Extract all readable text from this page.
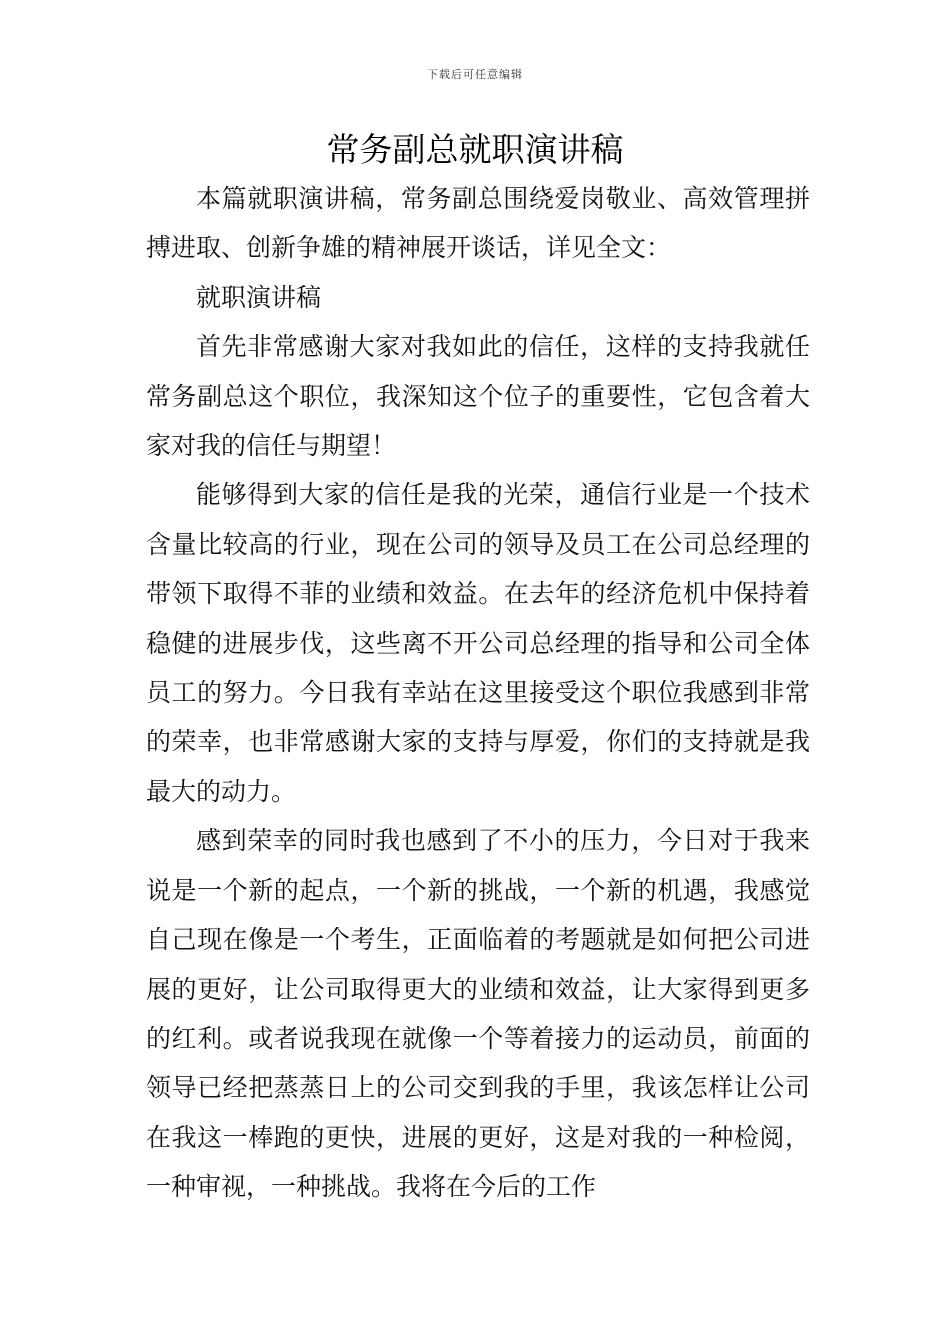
下载后可任意编辑
常务副总就职演讲稿

本篇就职演讲稿，常务副总围绕爱岗敬业、高效管理拼搏进取、创新争雄的精神展开谈话，详见全文：

就职演讲稿

首先非常感谢大家对我如此的信任，这样的支持我就任常务副总这个职位，我深知这个位子的重要性，它包含着大家对我的信任与期望！

能够得到大家的信任是我的光荣，通信行业是一个技术含量比较高的行业，现在公司的领导及员工在公司总经理的带领下取得不菲的业绩和效益。在去年的经济危机中保持着稳健的进展步伐，这些离不开公司总经理的指导和公司全体员工的努力。今日我有幸站在这里接受这个职位我感到非常的荣幸，也非常感谢大家的支持与厚爱，你们的支持就是我最大的动力。

感到荣幸的同时我也感到了不小的压力，今日对于我来说是一个新的起点，一个新的挑战，一个新的机遇，我感觉自己现在像是一个考生，正面临着的考题就是如何把公司进展的更好，让公司取得更大的业绩和效益，让大家得到更多的红利。或者说我现在就像一个等着接力的运动员，前面的领导已经把蒸蒸日上的公司交到我的手里，我该怎样让公司在我这一棒跑的更快，进展的更好，这是对我的一种检阅，一种审视，一种挑战。我将在今后的工作
